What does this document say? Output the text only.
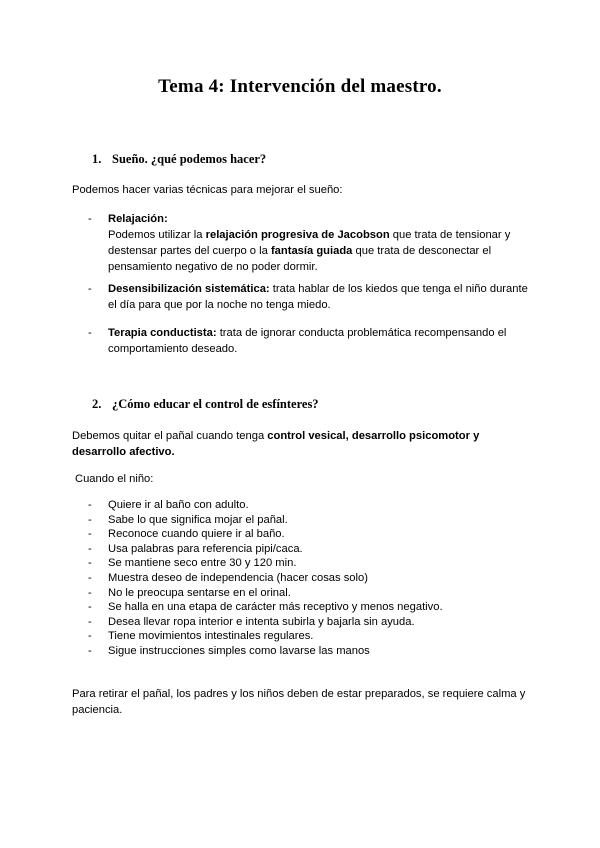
Tema 4: Intervención del maestro.
1. Sueño. ¿qué podemos hacer?
Podemos hacer varias técnicas para mejorar el sueño:
- Relajación:
Podemos utilizar la relajación progresiva de Jacobson que trata de tensionar y destensar partes del cuerpo o la fantasía guiada que trata de desconectar el pensamiento negativo de no poder dormir.
- Desensibilización sistemática: trata hablar de los kiedos que tenga el niño durante el día para que por la noche no tenga miedo.
- Terapia conductista: trata de ignorar conducta problemática recompensando el comportamiento deseado.
2. ¿Cómo educar el control de esfínteres?
Debemos quitar el pañal cuando tenga control vesical, desarrollo psicomotor y desarrollo afectivo.
Cuando el niño:
- Quiere ir al baño con adulto.
- Sabe lo que significa mojar el pañal.
- Reconoce cuando quiere ir al baño.
- Usa palabras para referencia pipi/caca.
- Se mantiene seco entre 30 y 120 min.
- Muestra deseo de independencia (hacer cosas solo)
- No le preocupa sentarse en el orinal.
- Se halla en una etapa de carácter más receptivo y menos negativo.
- Desea llevar ropa interior e intenta subirla y bajarla sin ayuda.
- Tiene movimientos intestinales regulares.
- Sigue instrucciones simples como lavarse las manos
Para retirar el pañal, los padres y los niños deben de estar preparados, se requiere calma y paciencia.
